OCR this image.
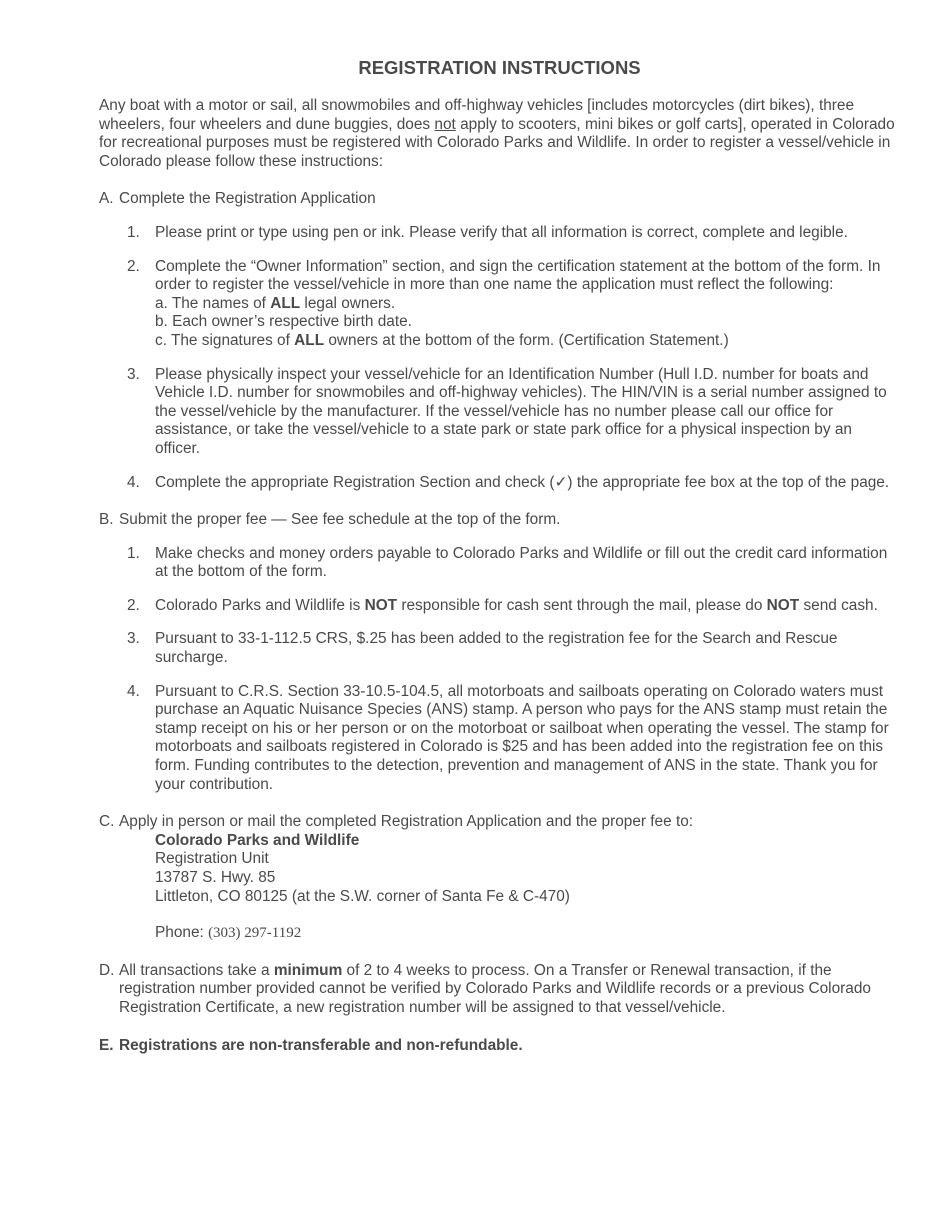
REGISTRATION INSTRUCTIONS

Any boat with a motor or sail, all snowmobiles and off-highway vehicles [includes motorcycles (dirt bikes), three wheelers, four wheelers and dune buggies, does not apply to scooters, mini bikes or golf carts], operated in Colorado for recreational purposes must be registered with Colorado Parks and Wildlife. In order to register a vessel/vehicle in Colorado please follow these instructions:

A. Complete the Registration Application

1. Please print or type using pen or ink. Please verify that all information is correct, complete and legible.
2. Complete the “Owner Information” section, and sign the certification statement at the bottom of the form. In order to register the vessel/vehicle in more than one name the application must reflect the following:
a. The names of ALL legal owners.
b. Each owner’s respective birth date.
c. The signatures of ALL owners at the bottom of the form. (Certification Statement.)
3. Please physically inspect your vessel/vehicle for an Identification Number (Hull I.D. number for boats and Vehicle I.D. number for snowmobiles and off-highway vehicles). The HIN/VIN is a serial number assigned to the vessel/vehicle by the manufacturer. If the vessel/vehicle has no number please call our office for assistance, or take the vessel/vehicle to a state park or state park office for a physical inspection by an officer.
4. Complete the appropriate Registration Section and check (✓) the appropriate fee box at the top of the page.

B. Submit the proper fee — See fee schedule at the top of the form.

1. Make checks and money orders payable to Colorado Parks and Wildlife or fill out the credit card information at the bottom of the form.
2. Colorado Parks and Wildlife is NOT responsible for cash sent through the mail, please do NOT send cash.
3. Pursuant to 33-1-112.5 CRS, $.25 has been added to the registration fee for the Search and Rescue surcharge.
4. Pursuant to C.R.S. Section 33-10.5-104.5, all motorboats and sailboats operating on Colorado waters must purchase an Aquatic Nuisance Species (ANS) stamp. A person who pays for the ANS stamp must retain the stamp receipt on his or her person or on the motorboat or sailboat when operating the vessel. The stamp for motorboats and sailboats registered in Colorado is $25 and has been added into the registration fee on this form. Funding contributes to the detection, prevention and management of ANS in the state. Thank you for your contribution.

C. Apply in person or mail the completed Registration Application and the proper fee to:

Colorado Parks and Wildlife
Registration Unit
13787 S. Hwy. 85
Littleton, CO 80125 (at the S.W. corner of Santa Fe & C-470)

Phone: (303) 297-1192

D. All transactions take a minimum of 2 to 4 weeks to process. On a Transfer or Renewal transaction, if the registration number provided cannot be verified by Colorado Parks and Wildlife records or a previous Colorado Registration Certificate, a new registration number will be assigned to that vessel/vehicle.

E. Registrations are non-transferable and non-refundable.
